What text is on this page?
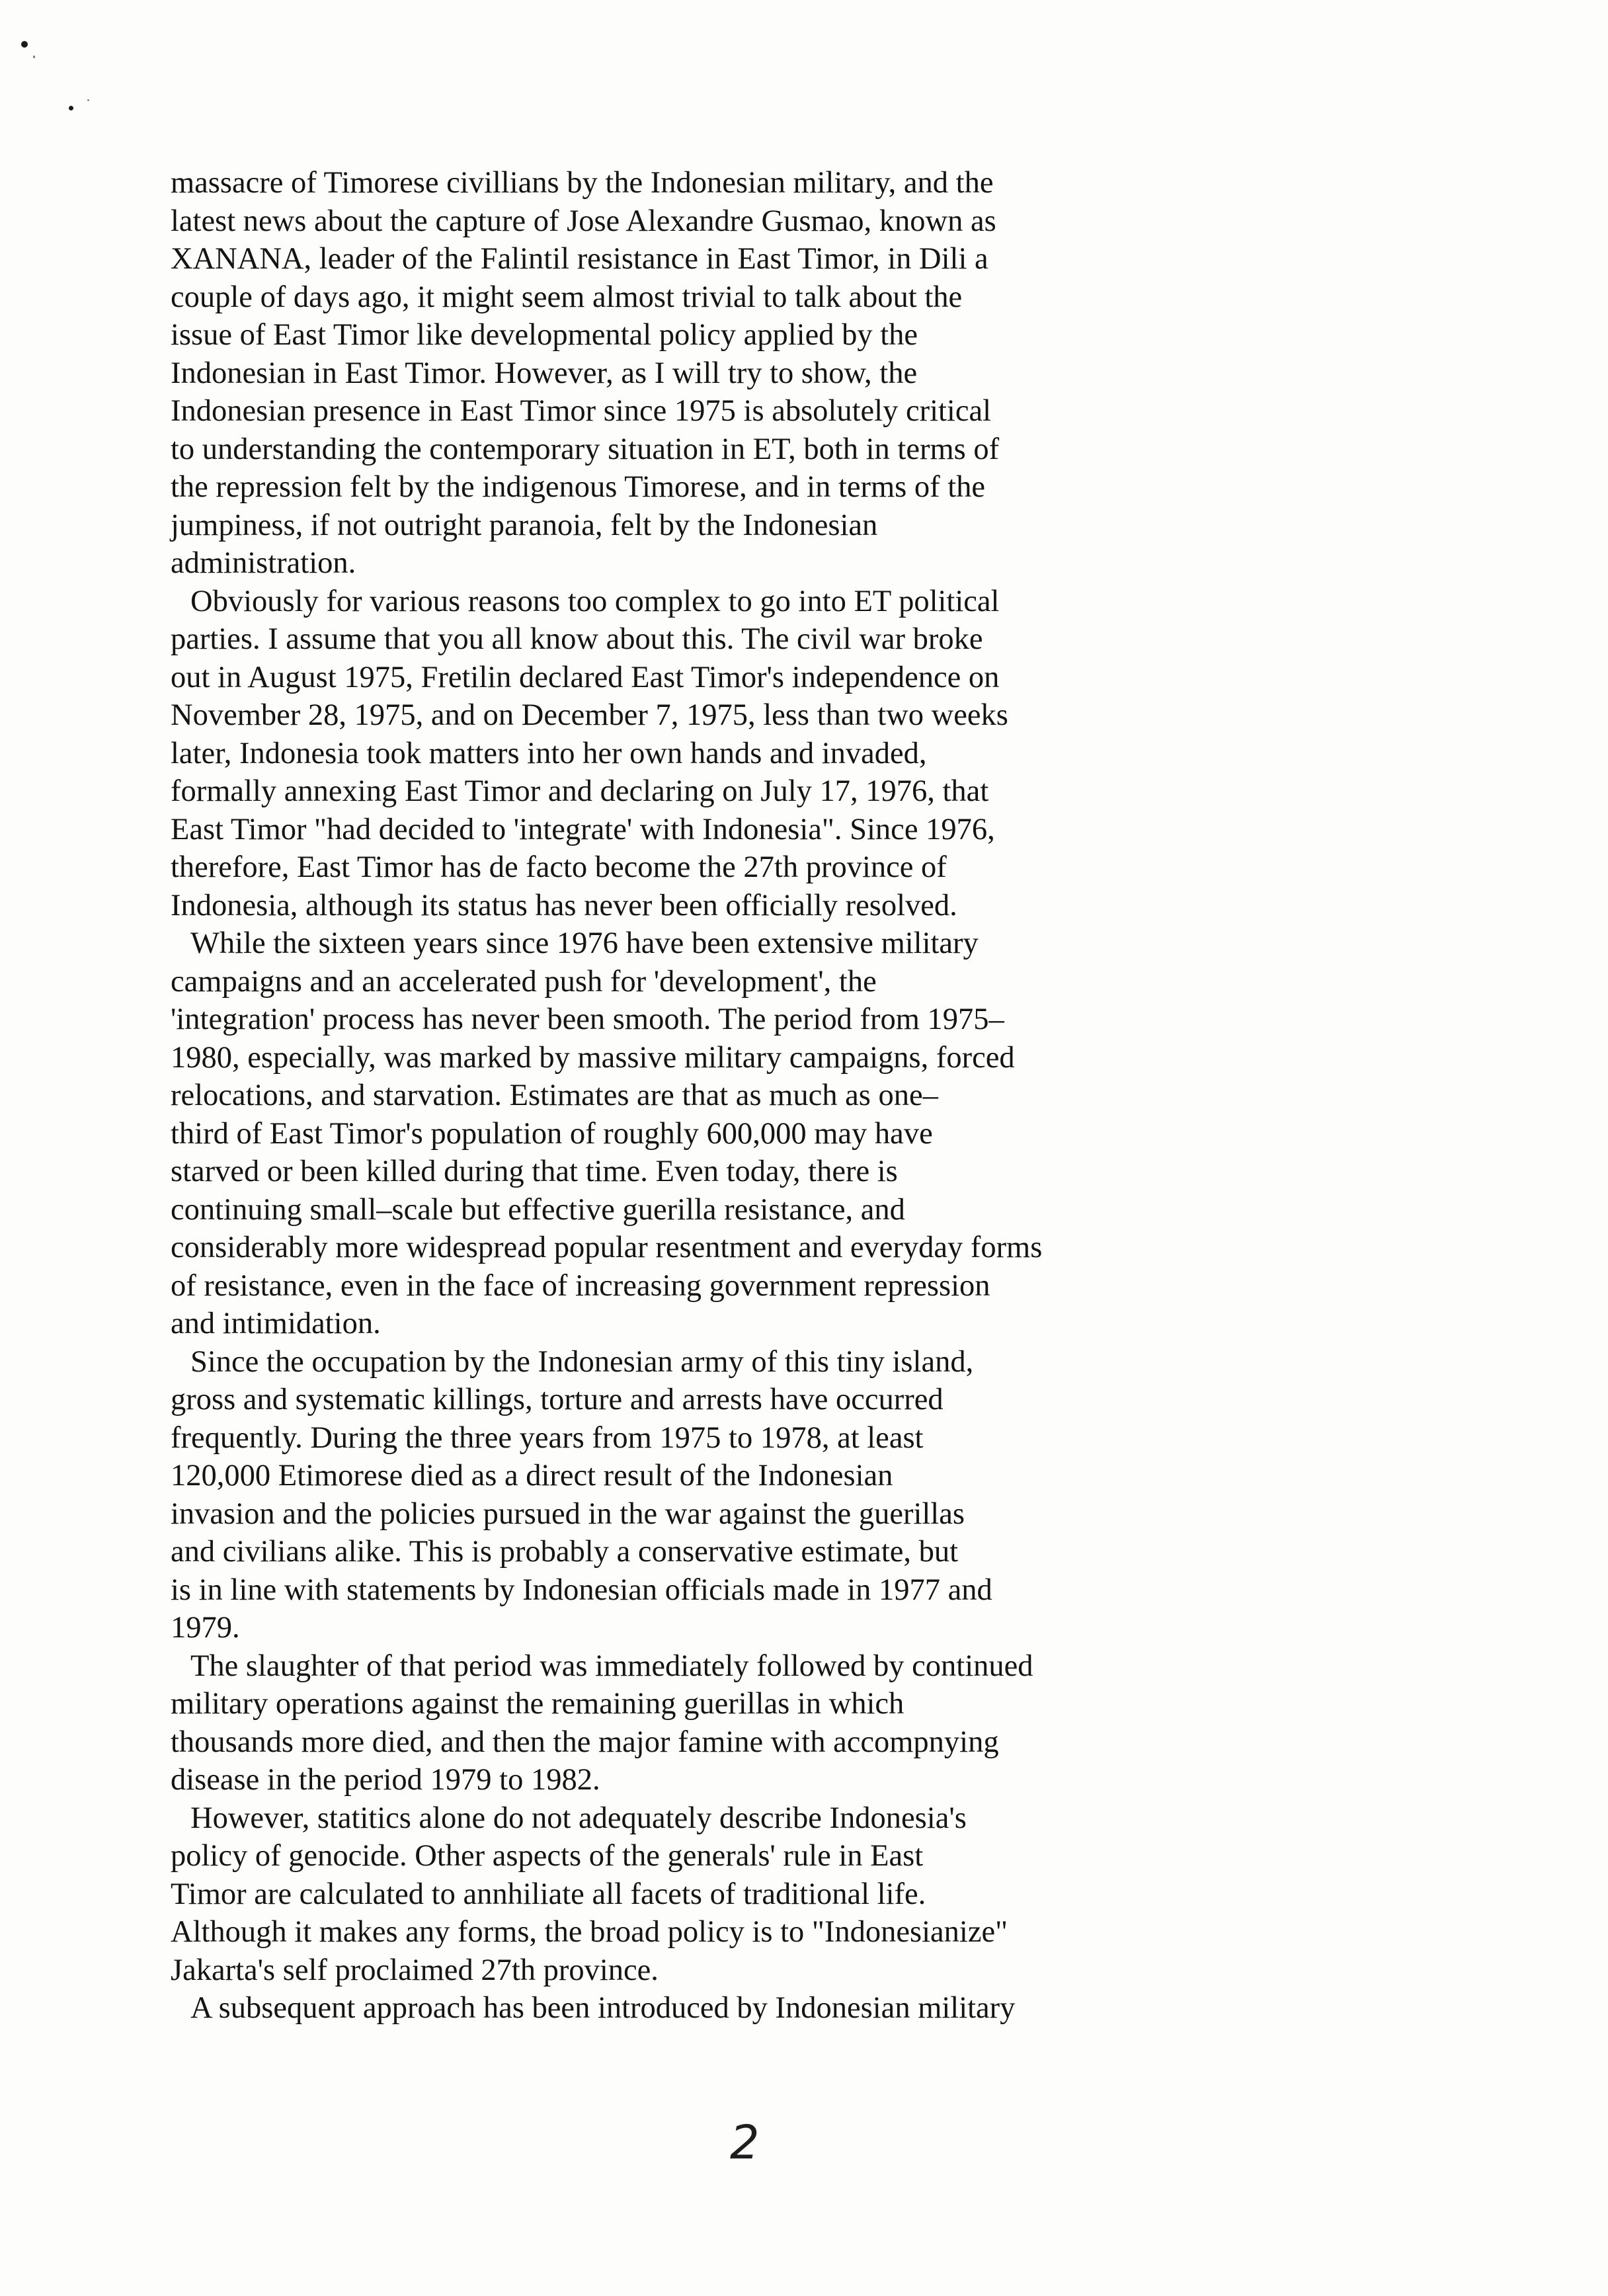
massacre of Timorese civillians by the Indonesian military, and the
latest news about the capture of Jose Alexandre Gusmao, known as
XANANA, leader of the Falintil resistance in East Timor, in Dili a
couple of days ago, it might seem almost trivial to talk about the
issue of East Timor like developmental policy applied by the
Indonesian in East Timor. However, as I will try to show, the
Indonesian presence in East Timor since 1975 is absolutely critical
to understanding the contemporary situation in ET, both in terms of
the repression felt by the indigenous Timorese, and in terms of the
jumpiness, if not outright paranoia, felt by the Indonesian
administration.
Obviously for various reasons too complex to go into ET political
parties. I assume that you all know about this. The civil war broke
out in August 1975, Fretilin declared East Timor's independence on
November 28, 1975, and on December 7, 1975, less than two weeks
later, Indonesia took matters into her own hands and invaded,
formally annexing East Timor and declaring on July 17, 1976, that
East Timor "had decided to 'integrate' with Indonesia". Since 1976,
therefore, East Timor has de facto become the 27th province of
Indonesia, although its status has never been officially resolved.
While the sixteen years since 1976 have been extensive military
campaigns and an accelerated push for 'development', the
'integration' process has never been smooth. The period from 1975–
1980, especially, was marked by massive military campaigns, forced
relocations, and starvation. Estimates are that as much as one–
third of East Timor's population of roughly 600,000 may have
starved or been killed during that time. Even today, there is
continuing small–scale but effective guerilla resistance, and
considerably more widespread popular resentment and everyday forms
of resistance, even in the face of increasing government repression
and intimidation.
Since the occupation by the Indonesian army of this tiny island,
gross and systematic killings, torture and arrests have occurred
frequently. During the three years from 1975 to 1978, at least
120,000 Etimorese died as a direct result of the Indonesian
invasion and the policies pursued in the war against the guerillas
and civilians alike. This is probably a conservative estimate, but
is in line with statements by Indonesian officials made in 1977 and
1979.
The slaughter of that period was immediately followed by continued
military operations against the remaining guerillas in which
thousands more died, and then the major famine with accompnying
disease in the period 1979 to 1982.
However, statitics alone do not adequately describe Indonesia's
policy of genocide. Other aspects of the generals' rule in East
Timor are calculated to annhiliate all facets of traditional life.
Although it makes any forms, the broad policy is to "Indonesianize"
Jakarta's self proclaimed 27th province.
A subsequent approach has been introduced by Indonesian military
2
